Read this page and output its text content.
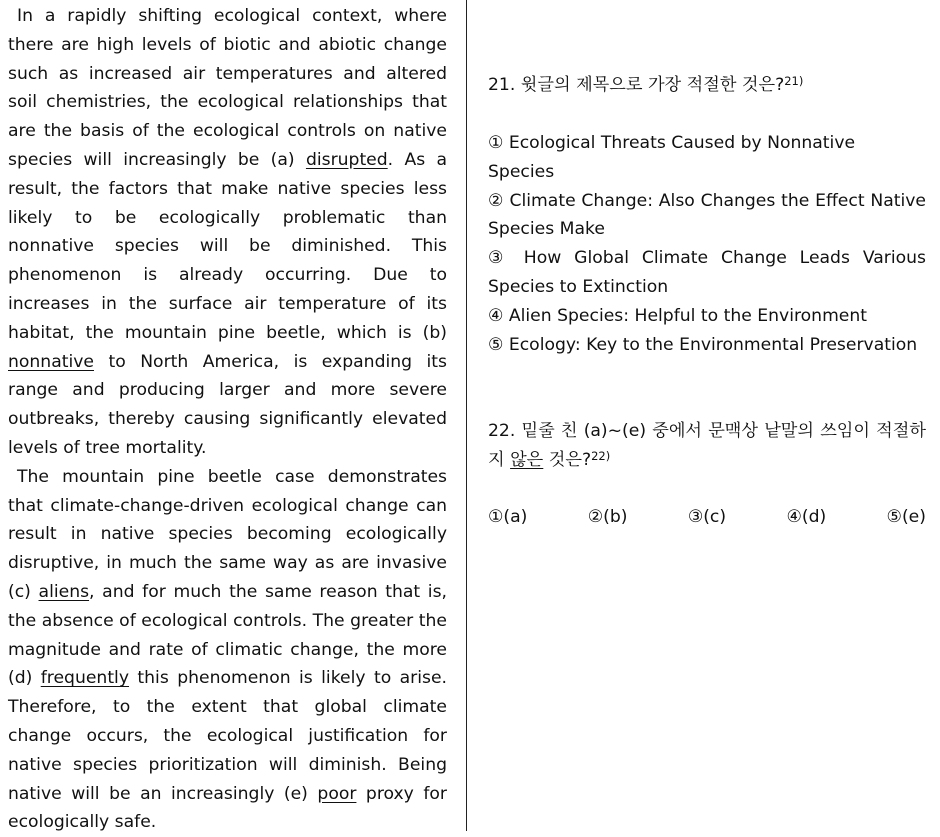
In a rapidly shifting ecological context, where there are high levels of biotic and abiotic change such as increased air temperatures and altered soil chemistries, the ecological relationships that are the basis of the ecological controls on native species will increasingly be (a) disrupted. As a result, the factors that make native species less likely to be ecologically problematic than nonnative species will be diminished. This phenomenon is already occurring. Due to increases in the surface air temperature of its habitat, the mountain pine beetle, which is (b) nonnative to North America, is expanding its range and producing larger and more severe outbreaks, thereby causing significantly elevated levels of tree mortality.

The mountain pine beetle case demonstrates that climate-change-driven ecological change can result in native species becoming ecologically disruptive, in much the same way as are invasive (c) aliens, and for much the same reason that is, the absence of ecological controls. The greater the magnitude and rate of climatic change, the more (d) frequently this phenomenon is likely to arise. Therefore, to the extent that global climate change occurs, the ecological justification for native species prioritization will diminish. Being native will be an increasingly (e) poor proxy for ecologically safe.

21. 윗글의 제목으로 가장 적절한 것은?$^{21)}$
① Ecological Threats Caused by Nonnative Species
② Climate Change: Also Changes the Effect Native Species Make
③ How Global Climate Change Leads Various Species to Extinction
④ Alien Species: Helpful to the Environment
⑤ Ecology: Key to the Environmental Preservation
22. 밑줄 친 (a)~(e) 중에서 문맥상 낱말의 쓰임이 적절하지 않은 것은?$^{22)}$
①(a)	②(b)	③(c)	④(d)	⑤(e)
